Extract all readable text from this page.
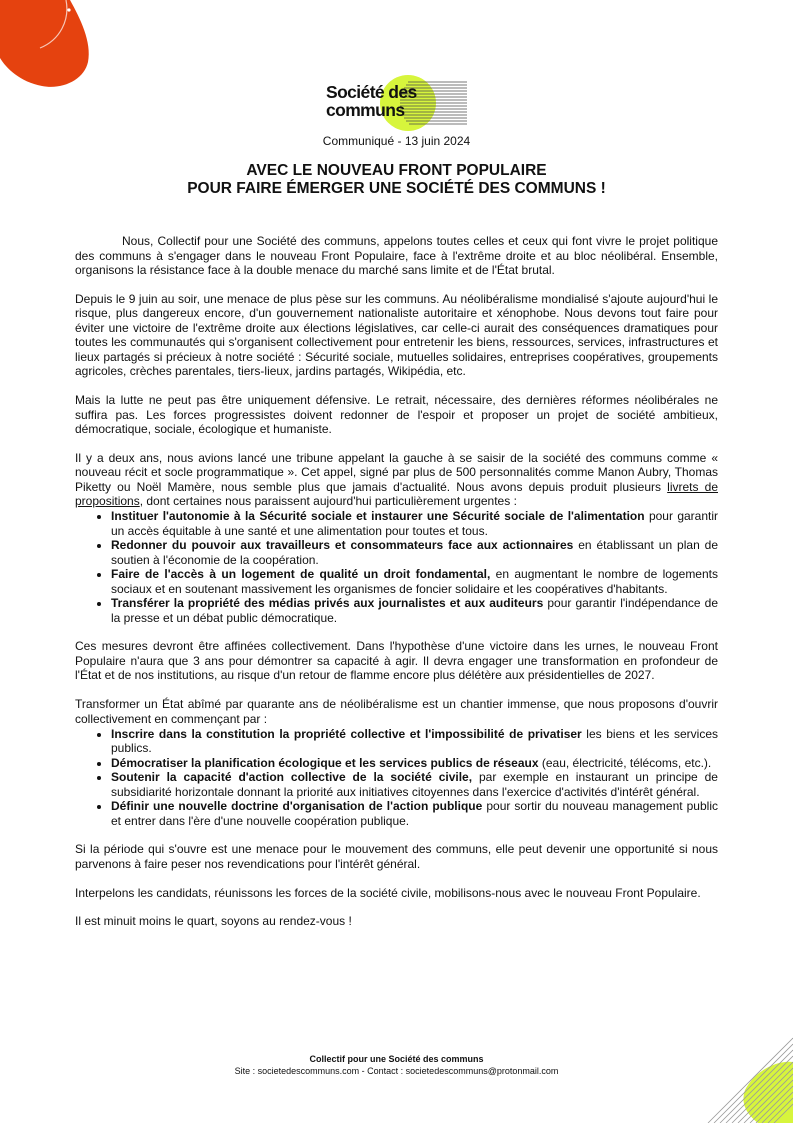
Société des
communs
Communiqué - 13 juin 2024
AVEC LE NOUVEAU FRONT POPULAIRE
POUR FAIRE ÉMERGER UNE SOCIÉTÉ DES COMMUNS !

Nous, Collectif pour une Société des communs, appelons toutes celles et ceux qui font vivre le projet politique des communs à s'engager dans le nouveau Front Populaire, face à l'extrême droite et au bloc néolibéral. Ensemble, organisons la résistance face à la double menace du marché sans limite et de l'État brutal.

Depuis le 9 juin au soir, une menace de plus pèse sur les communs. Au néolibéralisme mondialisé s'ajoute aujourd'hui le risque, plus dangereux encore, d'un gouvernement nationaliste autoritaire et xénophobe. Nous devons tout faire pour éviter une victoire de l'extrême droite aux élections législatives, car celle-ci aurait des conséquences dramatiques pour toutes les communautés qui s'organisent collectivement pour entretenir les biens, ressources, services, infrastructures et lieux partagés si précieux à notre société : Sécurité sociale, mutuelles solidaires, entreprises coopératives, groupements agricoles, crèches parentales, tiers-lieux, jardins partagés, Wikipédia, etc.

Mais la lutte ne peut pas être uniquement défensive. Le retrait, nécessaire, des dernières réformes néolibérales ne suffira pas. Les forces progressistes doivent redonner de l'espoir et proposer un projet de société ambitieux, démocratique, sociale, écologique et humaniste.

Il y a deux ans, nous avions lancé une tribune appelant la gauche à se saisir de la société des communs comme « nouveau récit et socle programmatique ». Cet appel, signé par plus de 500 personnalités comme Manon Aubry, Thomas Piketty ou Noël Mamère, nous semble plus que jamais d'actualité. Nous avons depuis produit plusieurs livrets de propositions, dont certaines nous paraissent aujourd'hui particulièrement urgentes :

• Instituer l'autonomie à la Sécurité sociale et instaurer une Sécurité sociale de l'alimentation pour garantir un accès équitable à une santé et une alimentation pour toutes et tous.
• Redonner du pouvoir aux travailleurs et consommateurs face aux actionnaires en établissant un plan de soutien à l'économie de la coopération.
• Faire de l'accès à un logement de qualité un droit fondamental, en augmentant le nombre de logements sociaux et en soutenant massivement les organismes de foncier solidaire et les coopératives d'habitants.
• Transférer la propriété des médias privés aux journalistes et aux auditeurs pour garantir l'indépendance de la presse et un débat public démocratique.

Ces mesures devront être affinées collectivement. Dans l'hypothèse d'une victoire dans les urnes, le nouveau Front Populaire n'aura que 3 ans pour démontrer sa capacité à agir. Il devra engager une transformation en profondeur de l'État et de nos institutions, au risque d'un retour de flamme encore plus délétère aux présidentielles de 2027.

Transformer un État abîmé par quarante ans de néolibéralisme est un chantier immense, que nous proposons d'ouvrir collectivement en commençant par :

• Inscrire dans la constitution la propriété collective et l'impossibilité de privatiser les biens et les services publics.
• Démocratiser la planification écologique et les services publics de réseaux (eau, électricité, télécoms, etc.).
• Soutenir la capacité d'action collective de la société civile, par exemple en instaurant un principe de subsidiarité horizontale donnant la priorité aux initiatives citoyennes dans l'exercice d'activités d'intérêt général.
• Définir une nouvelle doctrine d'organisation de l'action publique pour sortir du nouveau management public et entrer dans l'ère d'une nouvelle coopération publique.

Si la période qui s'ouvre est une menace pour le mouvement des communs, elle peut devenir une opportunité si nous parvenons à faire peser nos revendications pour l'intérêt général.

Interpelons les candidats, réunissons les forces de la société civile, mobilisons-nous avec le nouveau Front Populaire.

Il est minuit moins le quart, soyons au rendez-vous !

Collectif pour une Société des communs
Site : societedescommuns.com - Contact : societedescommuns@protonmail.com
